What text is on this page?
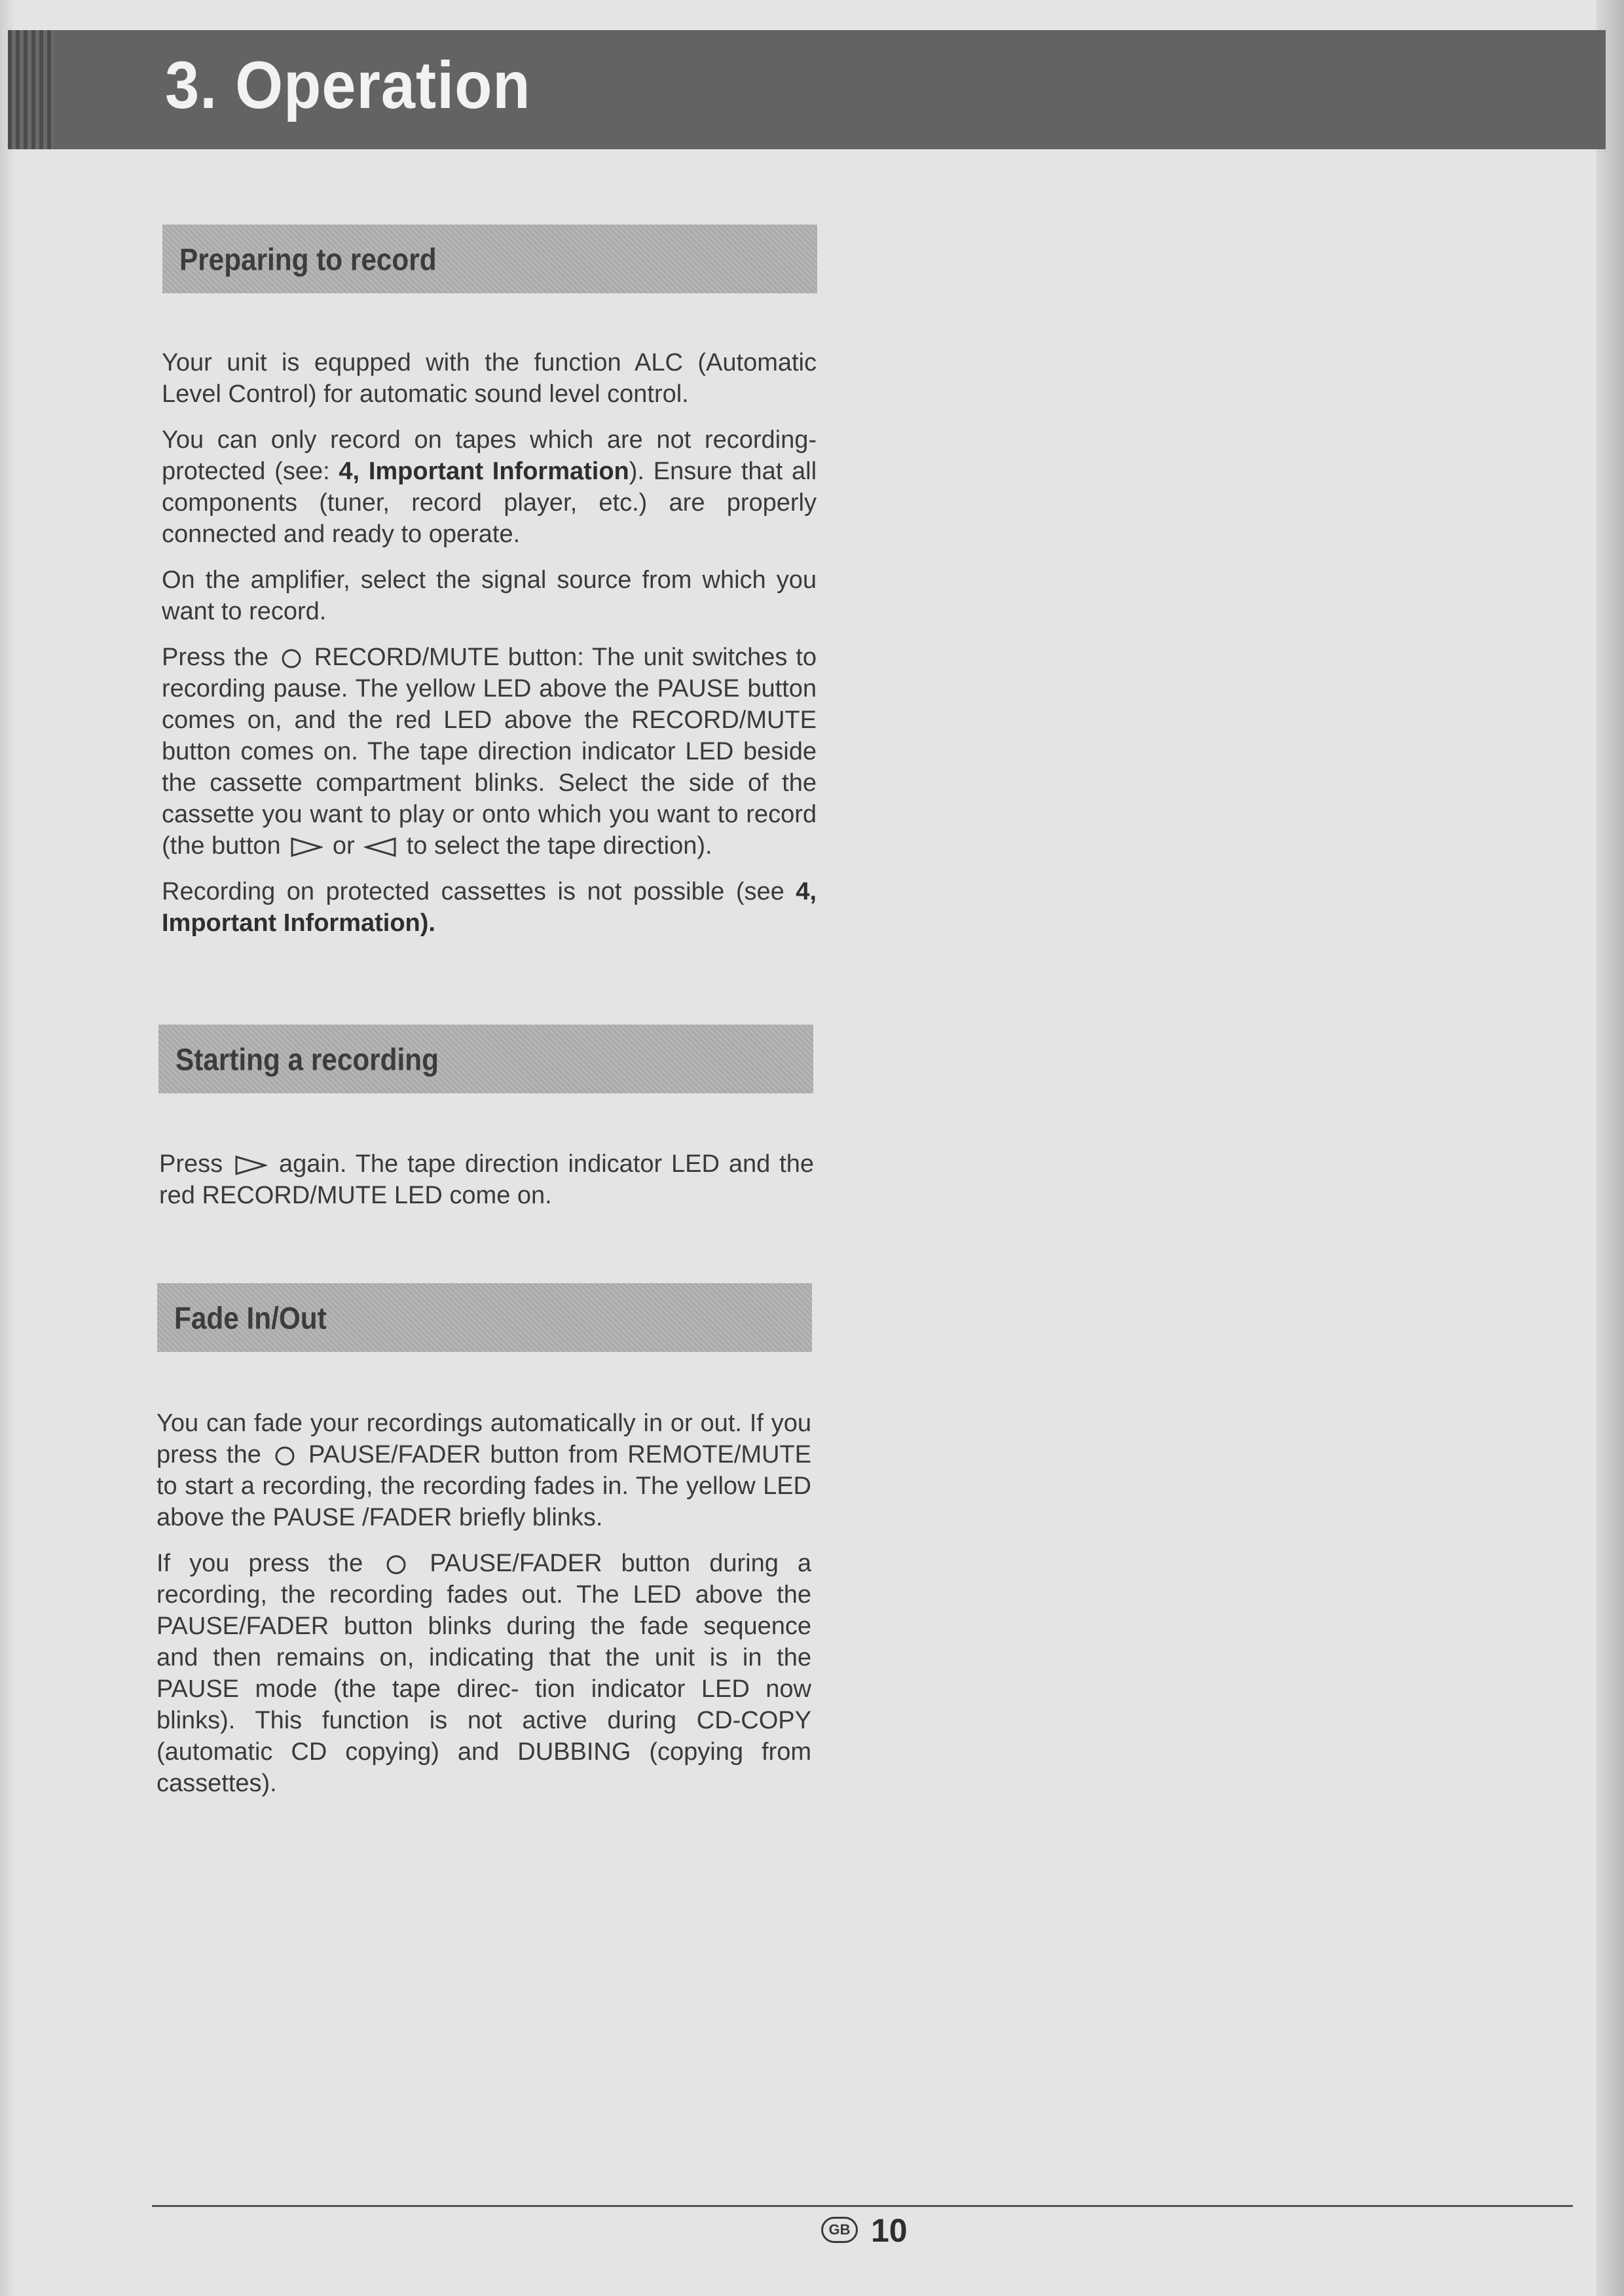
3. Operation
Preparing to record

Your unit is equpped with the function ALC (Automatic Level Control) for automatic sound level control.

You can only record on tapes which are not recording-protected (see: 4, Important Information). Ensure that all components (tuner, record player, etc.) are properly connected and ready to operate.

On the amplifier, select the signal source from which you want to record.

Press the RECORD/MUTE button: The unit switches to recording pause. The yellow LED above the PAUSE button comes on, and the red LED above the RECORD/MUTE button comes on. The tape direction indicator LED beside the cassette compartment blinks. Select the side of the cassette you want to play or onto which you want to record (the button or to select the tape direction).

Recording on protected cassettes is not possible (see 4, Important Information).

Starting a recording

Press again. The tape direction indicator LED and the red RECORD/MUTE LED come on.

Fade In/Out

You can fade your recordings automatically in or out. If you press the PAUSE/FADER button from REMOTE/MUTE to start a recording, the recording fades in. The yellow LED above the PAUSE /FADER briefly blinks.

If you press the	PAUSE/FADER button during a recording, the recording fades out. The LED above the PAUSE/FADER button blinks during the fade sequence and then remains on, indicating that the unit is in the PAUSE mode (the tape direc- tion indicator LED now blinks). This function is not active during CD-COPY (automatic CD copying) and DUBBING (copying from cassettes).

GB 10
